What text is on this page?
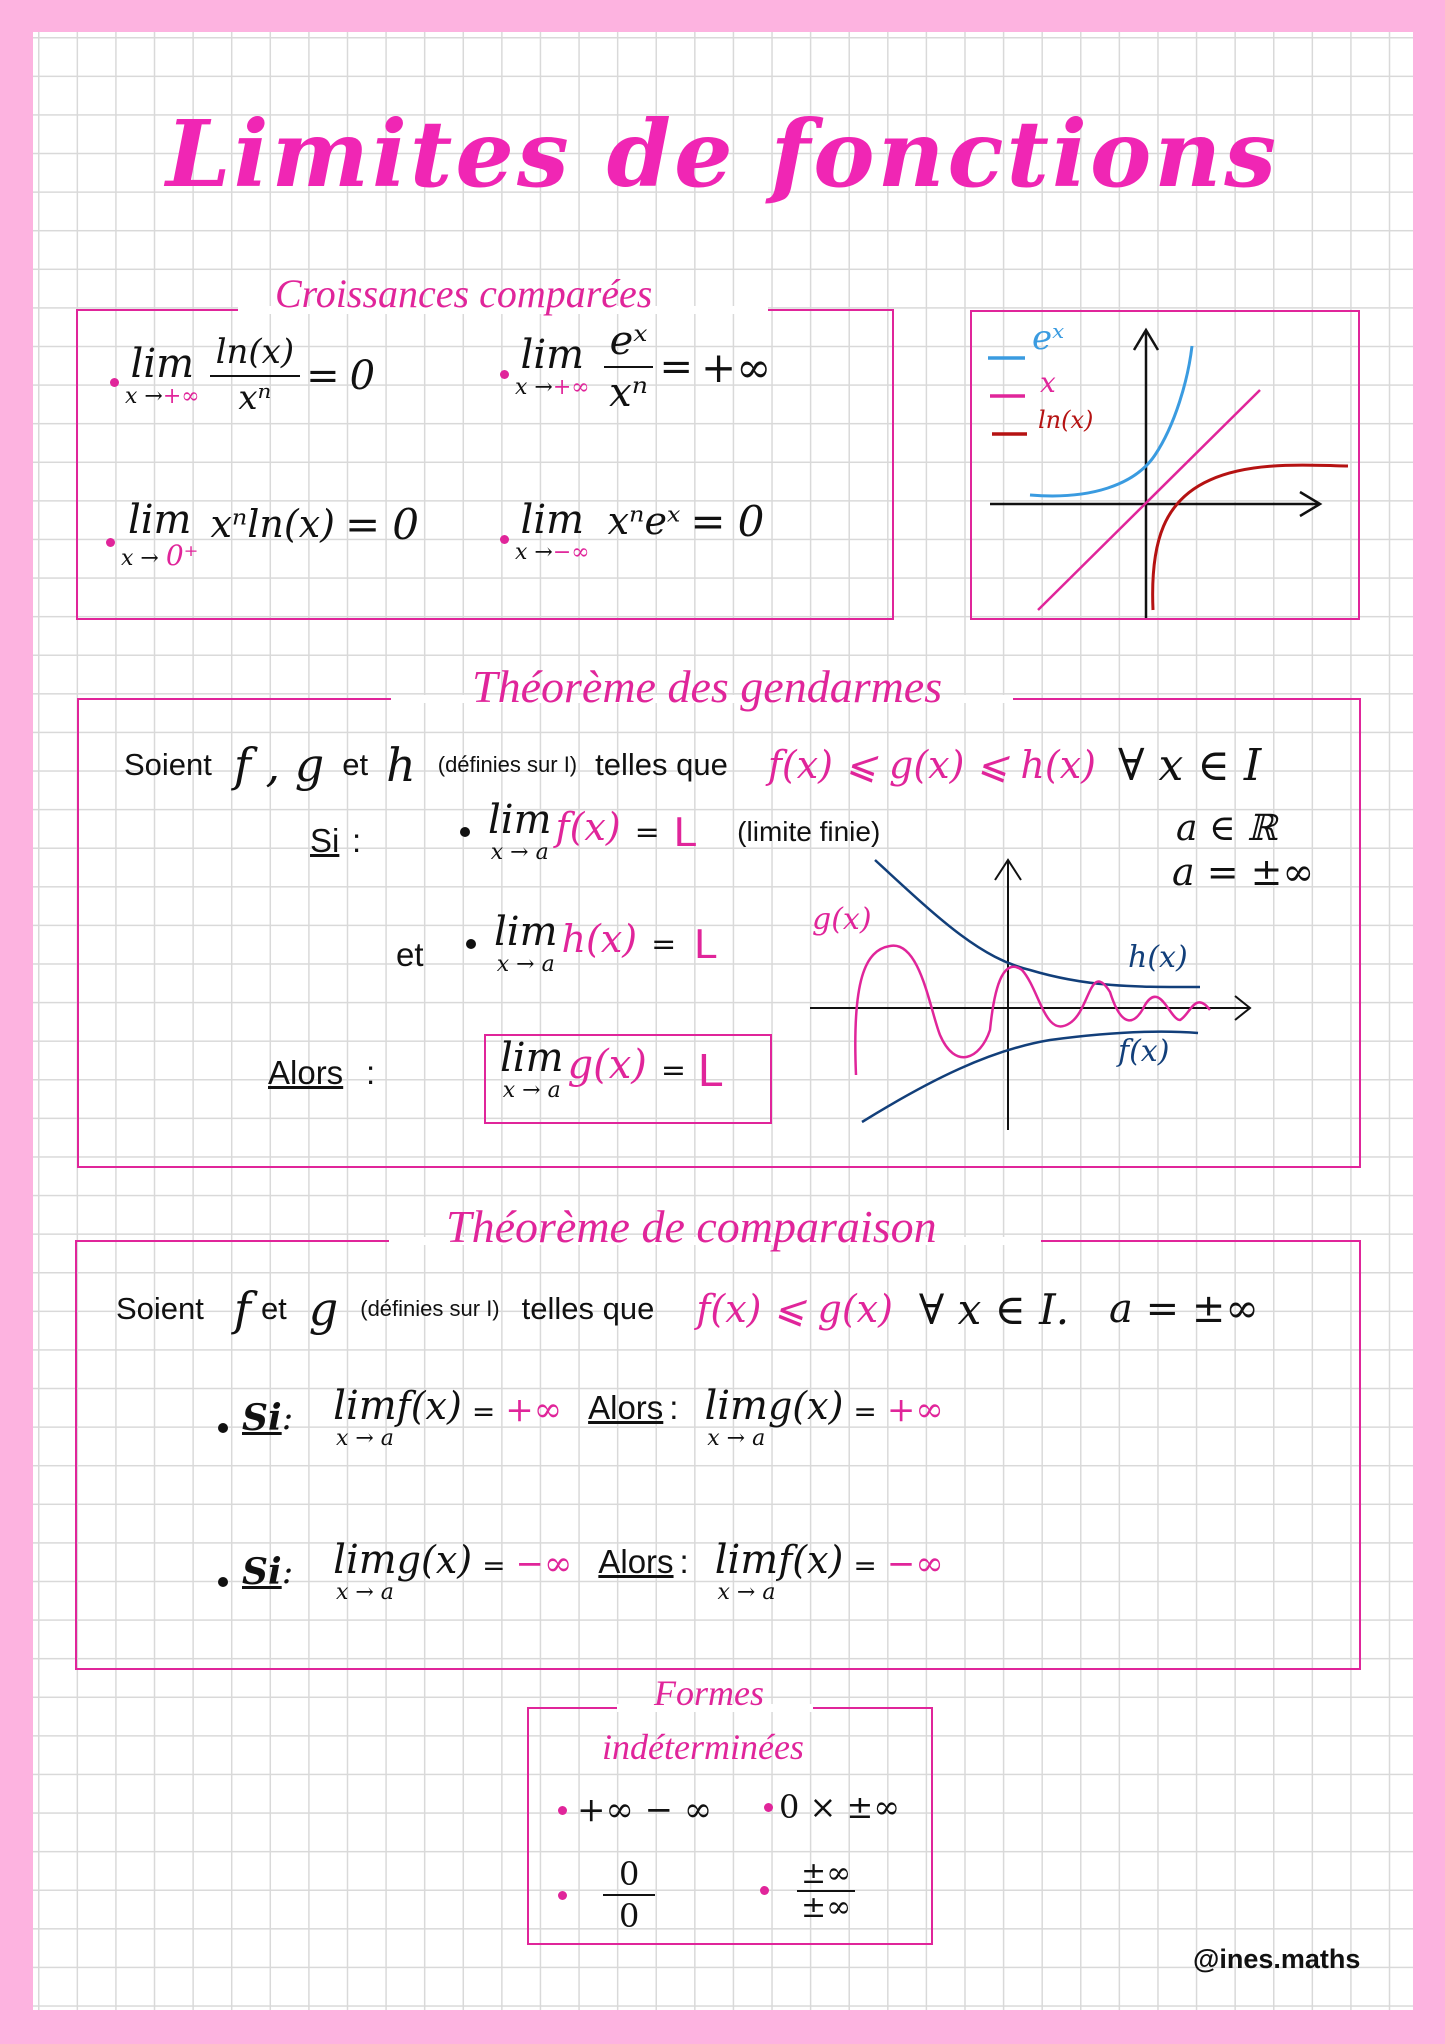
Limites de fonctions
Croissances comparées
lim
x →+∞ $\frac{\ln(x)}{\text{xⁿ}} = 0$	lim
x →+∞ $\frac{\text{eˣ}}{\text{xⁿ}}$ = +∞
lim
x → 0⁺
xⁿln(x) = 0	lim
x →−∞
xⁿeˣ = 0
eˣ
x
ln(x)
Théorème des gendarmes
Soient f , g et h (définies sur I) telles que f(x) ⩽ g(x) ⩽ h(x) ∀ x ∈ I
Si :	lim
x → a
f(x) = L (limite finie)
et lim
x → a
h(x) = L
Alors :	lim
x → a
g(x) = L
a ∈ ℝ
a = ±∞
g(x)
h(x)
f(x)
Théorème de comparaison
Soient f et g (définies sur I) telles que f(x) ⩽ g(x) ∀ x ∈ I. a = ±∞
Si : lim
x → a
f(x) = +∞ Alors : lim
x → a
g(x) = +∞
Si : lim
x → a
g(x) = −∞ Alors : lim
x → a
f(x) = −∞
Formes
indéterminées
+∞ − ∞ 0 × ±∞
$\frac{0}{0}$	$\frac{\pm\infty}{\pm\infty}$
@ines.maths
